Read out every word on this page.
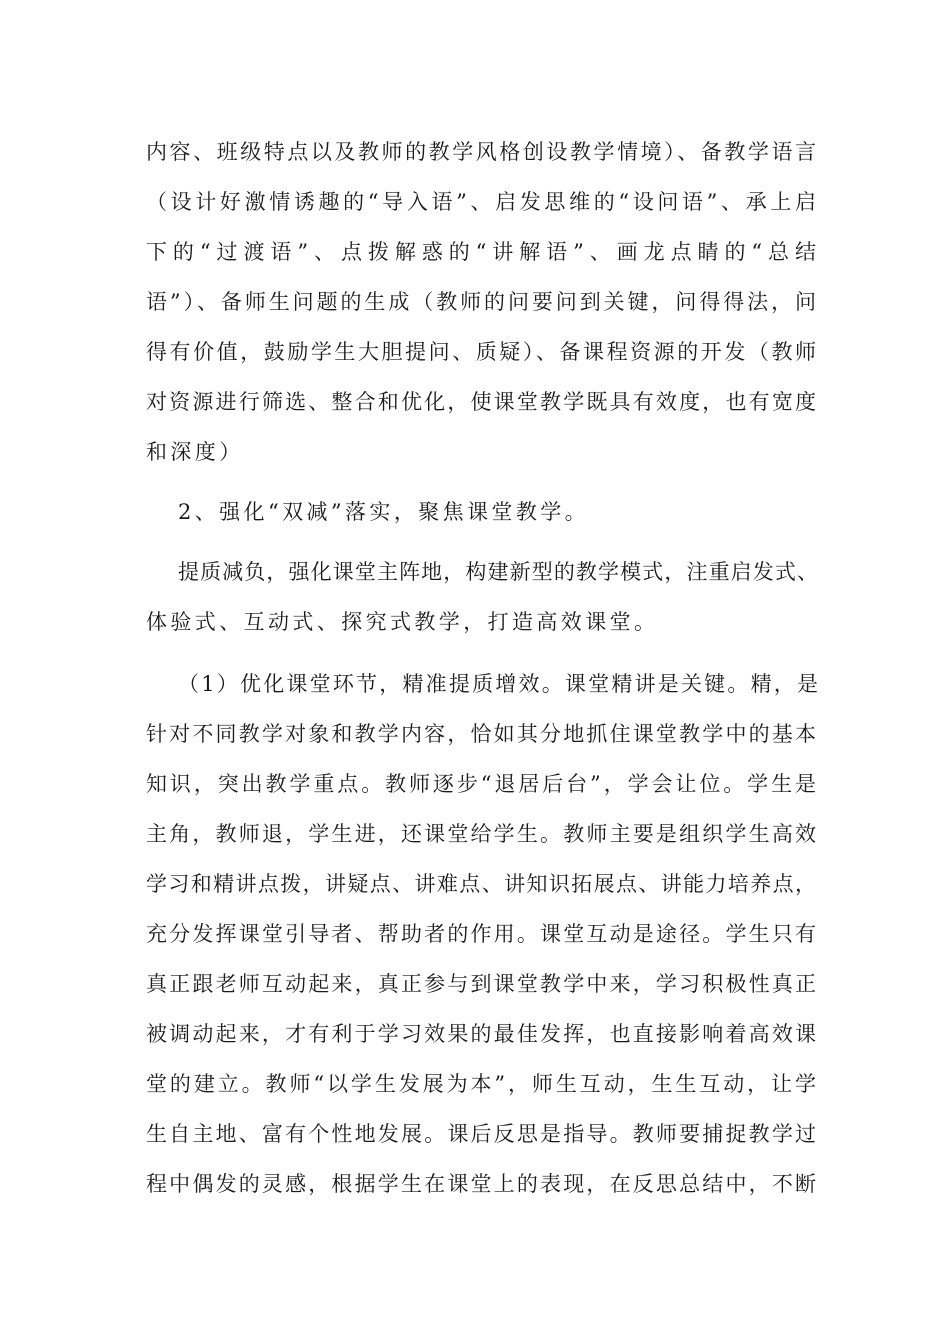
内容、班级特点以及教师的教学风格创设教学情境）、备教学语言
（设计好激情诱趣的“导入语”、启发思维的“设问语”、承上启
下的“过渡语”、点拨解惑的“讲解语”、画龙点睛的“总结
语”）、备师生问题的生成（教师的问要问到关键，问得得法，问
得有价值，鼓励学生大胆提问、质疑）、备课程资源的开发（教师
对资源进行筛选、整合和优化，使课堂教学既具有效度，也有宽度
和深度）
2、强化“双减”落实，聚焦课堂教学。
提质减负，强化课堂主阵地，构建新型的教学模式，注重启发式、
体验式、互动式、探究式教学，打造高效课堂。
（1）优化课堂环节，精准提质增效。课堂精讲是关键。精，是
针对不同教学对象和教学内容，恰如其分地抓住课堂教学中的基本
知识，突出教学重点。教师逐步“退居后台”，学会让位。学生是
主角，教师退，学生进，还课堂给学生。教师主要是组织学生高效
学习和精讲点拨，讲疑点、讲难点、讲知识拓展点、讲能力培养点，
充分发挥课堂引导者、帮助者的作用。课堂互动是途径。学生只有
真正跟老师互动起来，真正参与到课堂教学中来，学习积极性真正
被调动起来，才有利于学习效果的最佳发挥，也直接影响着高效课
堂的建立。教师“以学生发展为本”，师生互动，生生互动，让学
生自主地、富有个性地发展。课后反思是指导。教师要捕捉教学过
程中偶发的灵感，根据学生在课堂上的表现，在反思总结中，不断
